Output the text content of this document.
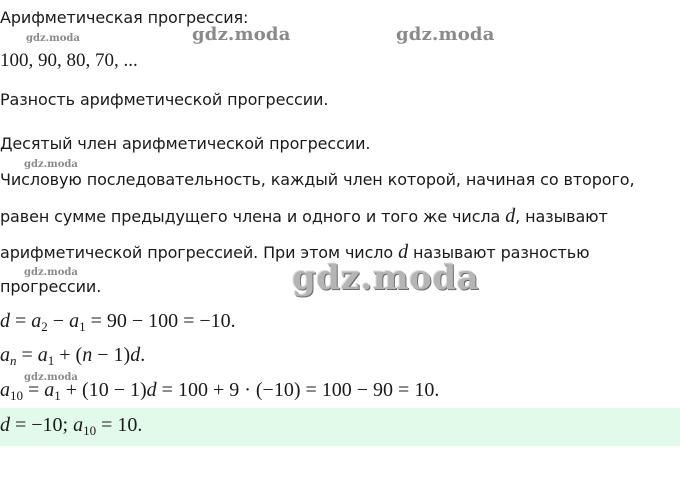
Арифметическая прогрессия:
100, 90, 80, 70, ...
Разность арифметической прогрессии.
Десятый член арифметической прогрессии.
Числовую последовательность, каждый член которой, начиная со второго,
равен сумме предыдущего члена и одного и того же числа d, называют
арифметической прогрессией. При этом число d называют разностью
прогрессии.
$d = a_2 - a_1 = 90 - 100 = -10$.
$a_n = a_1 + (n - 1)d$.
$a_{10} = a_1 + (10 - 1)d = 100 + 9 \cdot (-10) = 100 - 90 = 10$.
d = −10; $a_{10} = 10$.
gdz.moda	gdz.moda	gdz.moda
gdz.moda
gdz.moda	gdz.moda
gdz.moda
